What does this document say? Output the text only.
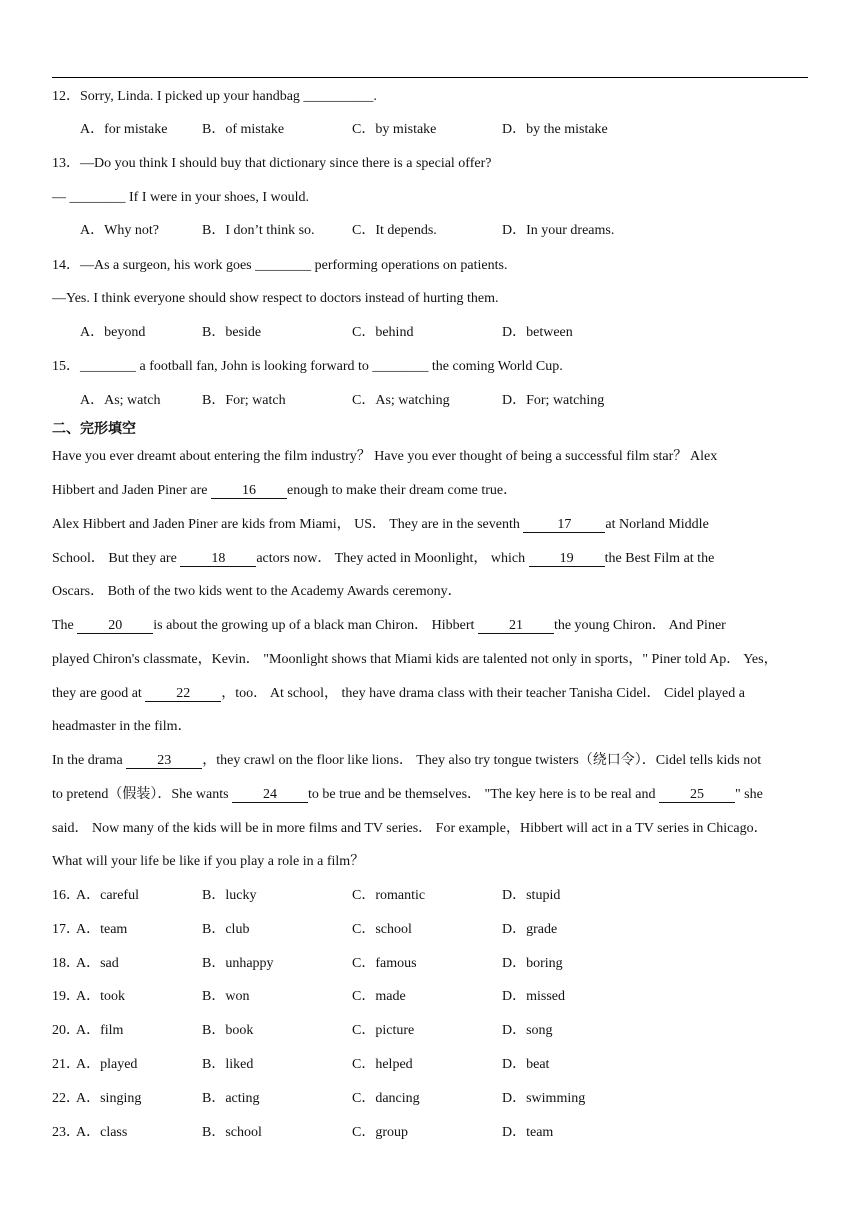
12．Sorry, Linda. I picked up your handbag __________.
A．for mistake B．of mistake	C．by mistake	D．by the mistake
13．—Do you think I should buy that dictionary since there is a special offer?
— ________ If I were in your shoes, I would.
A．Why not?	B．I don’t think so.	C．It depends.	D．In your dreams.
14．—As a surgeon, his work goes ________ performing operations on patients.
—Yes. I think everyone should show respect to doctors instead of hurting them.
A．beyond	B．beside	C．behind	D．between
15．________ a football fan, John is looking forward to ________ the coming World Cup.
A．As; watch	B．For; watch	C．As; watching	D．For; watching
二、完形填空
Have you ever dreamt about entering the film industry？ Have you ever thought of being a successful film star？ Alex
Hibbert and Jaden Piner are 16 enough to make their dream come true．
Alex Hibbert and Jaden Piner are kids from Miami， US． They are in the seventh 17 at Norland Middle
School． But they are 18 actors now． They acted in Moonlight， which 19 the Best Film at the
Oscars． Both of the two kids went to the Academy Awards ceremony．
The 20 is about the growing up of a black man Chiron． Hibbert 21 the young Chiron． And Piner
played Chiron's classmate，Kevin． "Moonlight shows that Miami kids are talented not only in sports，" Piner told Ap． Yes，
they are good at 22 ，too． At school， they have drama class with their teacher Tanisha Cidel． Cidel played a
headmaster in the film．
In the drama 23 ，they crawl on the floor like lions． They also try tongue twisters（绕口令）．Cidel tells kids not
to pretend（假装）．She wants 24 to be true and be themselves． "The key here is to be real and 25 " she
said． Now many of the kids will be in more films and TV series． For example，Hibbert will act in a TV series in Chicago．
What will your life be like if you play a role in a film？
16．
A．careful	B．lucky	C．romantic	D．stupid
17．
A．team	B．club	C．school	D．grade
18．
A．sad	B．unhappy	C．famous	D．boring
19．
A．took	B．won	C．made	D．missed
20．
A．film	B．book	C．picture	D．song
21．
A．played	B．liked	C．helped	D．beat
22．
A．singing	B．acting	C．dancing	D．swimming
23．
A．class	B．school	C．group	D．team
